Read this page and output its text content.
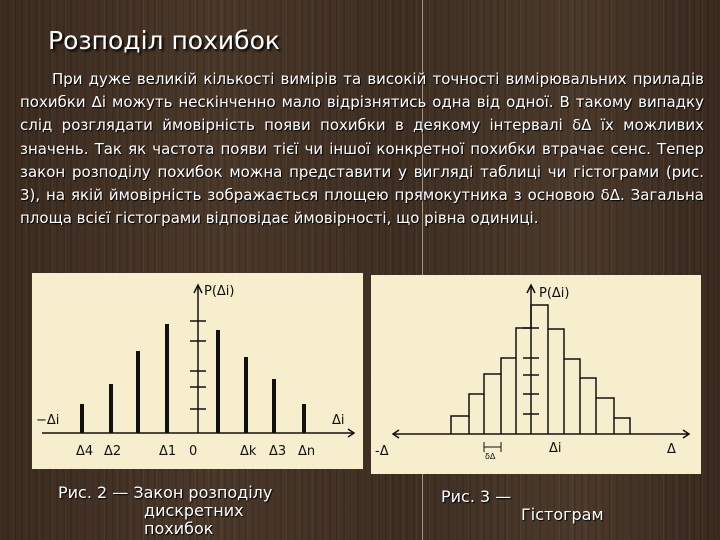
Розподіл похибок

При дуже великій кількості вимірів та високій точності вимірювальних приладів похибки Δi можуть нескінченно мало відрізнятись одна від одної. В такому випадку слід розглядати ймовірність появи похибки в деякому інтервалі δΔ їх можливих значень. Так як частота появи тієї чи іншої конкретної похибки втрачає сенс. Тепер закон розподілу похибок можна представити у вигляді таблиці чи гістограми (рис. 3), на якій ймовірність зображається площею прямокутника з основою δΔ. Загальна площа всієї гістограми відповідає ймовірності, що рівна одиниці.

P(Δi)
−Δi	Δi
Δ4 Δ2	Δ1 0	Δk Δ3 Δn
P(Δi)
-Δ	Δ
Δi
δΔ
Рис. 2 — Закон розподілу
дискретних
похибок
Рис. 3 —
Гістограм
